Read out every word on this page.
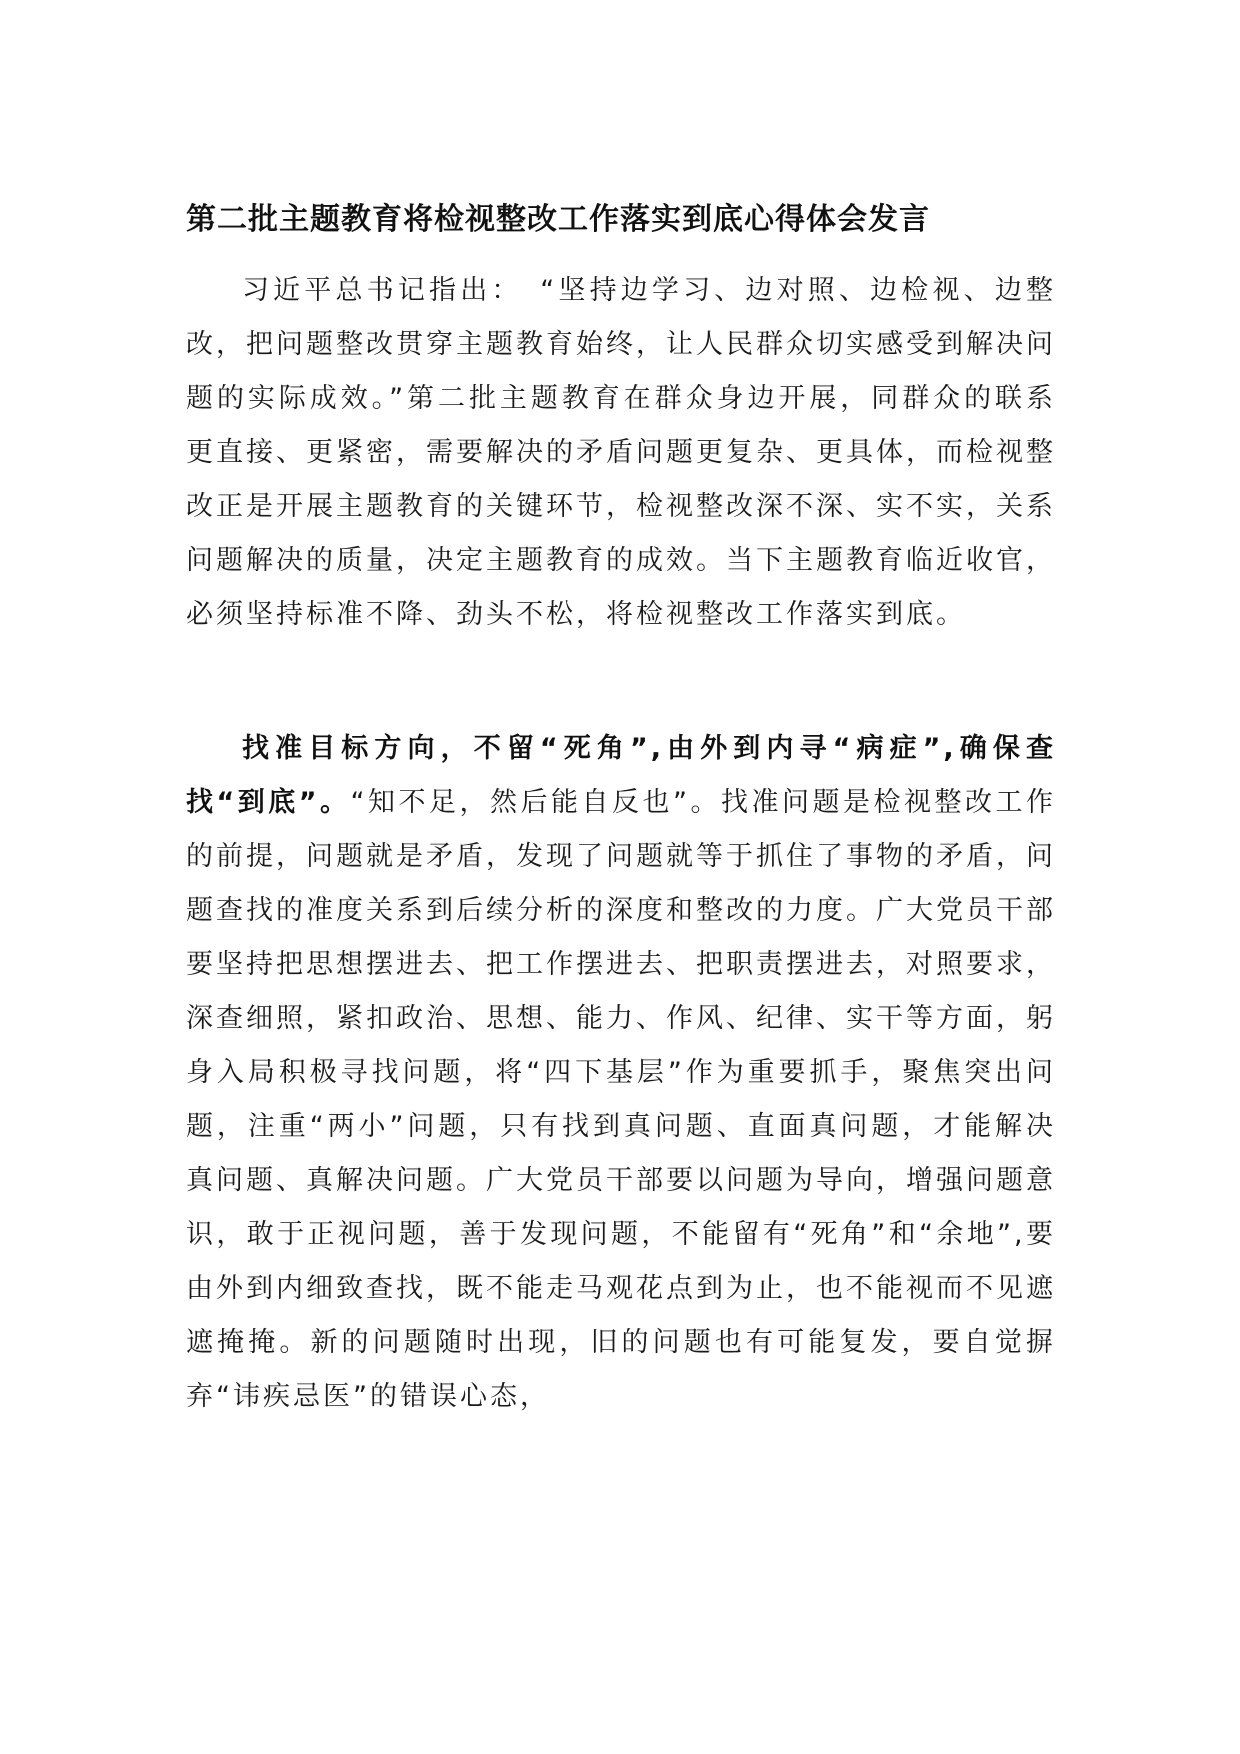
第二批主题教育将检视整改工作落实到底心得体会发言

习近平总书记指出：　“坚持边学习、边对照、边检视、边整改，把问题整改贯穿主题教育始终，让人民群众切实感受到解决问题的实际成效。”第二批主题教育在群众身边开展，同群众的联系更直接、更紧密，需要解决的矛盾问题更复杂、更具体，而检视整改正是开展主题教育的关键环节，检视整改深不深、实不实，关系问题解决的质量，决定主题教育的成效。当下主题教育临近收官，必须坚持标准不降、劲头不松，将检视整改工作落实到底。

找准目标方向，不留“死角”,由外到内寻“病症”,确保查找“到底”。“知不足，然后能自反也”。找准问题是检视整改工作的前提，问题就是矛盾，发现了问题就等于抓住了事物的矛盾，问题查找的准度关系到后续分析的深度和整改的力度。广大党员干部要坚持把思想摆进去、把工作摆进去、把职责摆进去，对照要求，深查细照，紧扣政治、思想、能力、作风、纪律、实干等方面，躬身入局积极寻找问题，将“四下基层”作为重要抓手，聚焦突出问题，注重“两小”问题，只有找到真问题、直面真问题，才能解决真问题、真解决问题。广大党员干部要以问题为导向，增强问题意识，敢于正视问题，善于发现问题，不能留有“死角”和“余地”,要由外到内细致查找，既不能走马观花点到为止，也不能视而不见遮遮掩掩。新的问题随时出现，旧的问题也有可能复发，要自觉摒弃“讳疾忌医”的错误心态，
